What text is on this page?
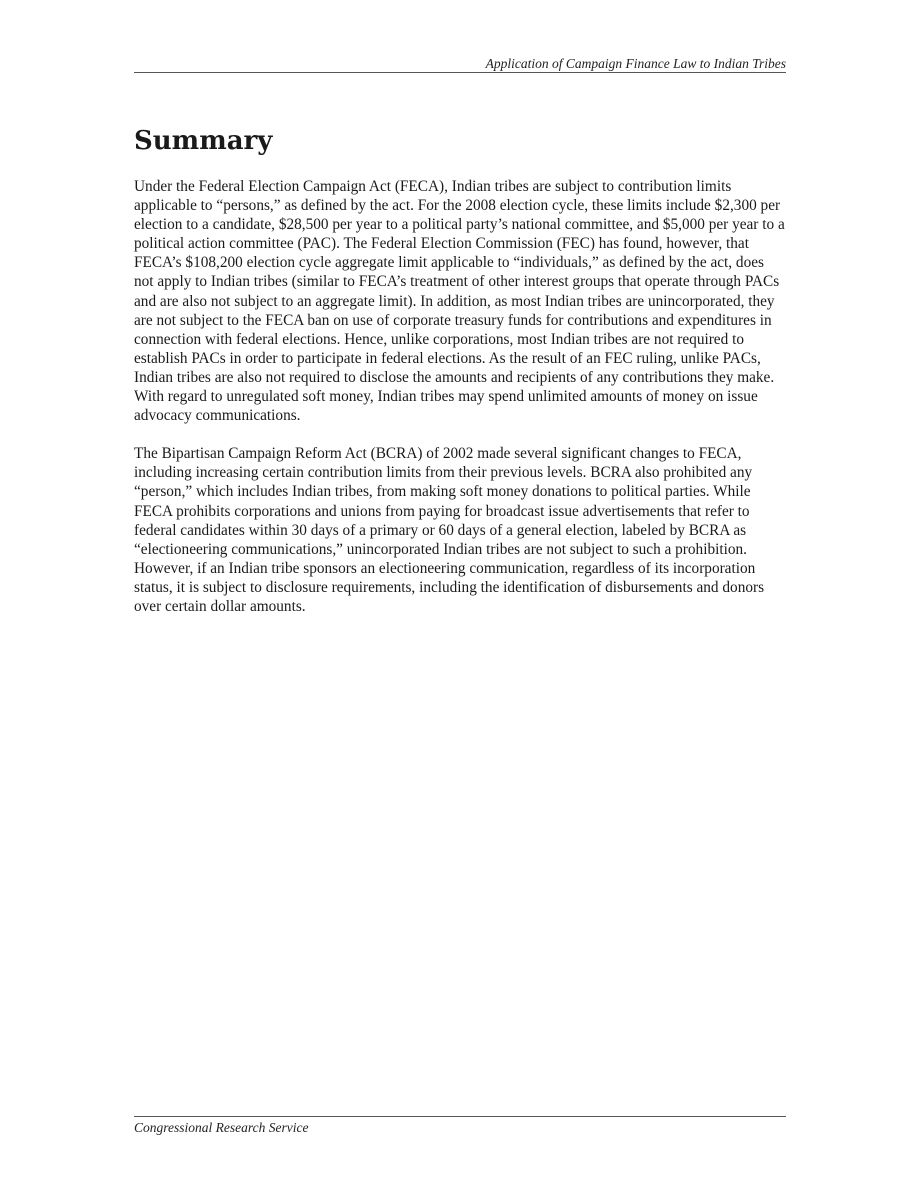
Application of Campaign Finance Law to Indian Tribes
Summary

Under the Federal Election Campaign Act (FECA), Indian tribes are subject to contribution limits applicable to “persons,” as defined by the act. For the 2008 election cycle, these limits include $2,300 per election to a candidate, $28,500 per year to a political party’s national committee, and $5,000 per year to a political action committee (PAC). The Federal Election Commission (FEC) has found, however, that FECA’s $108,200 election cycle aggregate limit applicable to “individuals,” as defined by the act, does not apply to Indian tribes (similar to FECA’s treatment of other interest groups that operate through PACs and are also not subject to an aggregate limit). In addition, as most Indian tribes are unincorporated, they are not subject to the FECA ban on use of corporate treasury funds for contributions and expenditures in connection with federal elections. Hence, unlike corporations, most Indian tribes are not required to establish PACs in order to participate in federal elections. As the result of an FEC ruling, unlike PACs, Indian tribes are also not required to disclose the amounts and recipients of any contributions they make. With regard to unregulated soft money, Indian tribes may spend unlimited amounts of money on issue advocacy communications.

The Bipartisan Campaign Reform Act (BCRA) of 2002 made several significant changes to FECA, including increasing certain contribution limits from their previous levels. BCRA also prohibited any “person,” which includes Indian tribes, from making soft money donations to political parties. While FECA prohibits corporations and unions from paying for broadcast issue advertisements that refer to federal candidates within 30 days of a primary or 60 days of a general election, labeled by BCRA as “electioneering communications,” unincorporated Indian tribes are not subject to such a prohibition. However, if an Indian tribe sponsors an electioneering communication, regardless of its incorporation status, it is subject to disclosure requirements, including the identification of disbursements and donors over certain dollar amounts.

Congressional Research Service
